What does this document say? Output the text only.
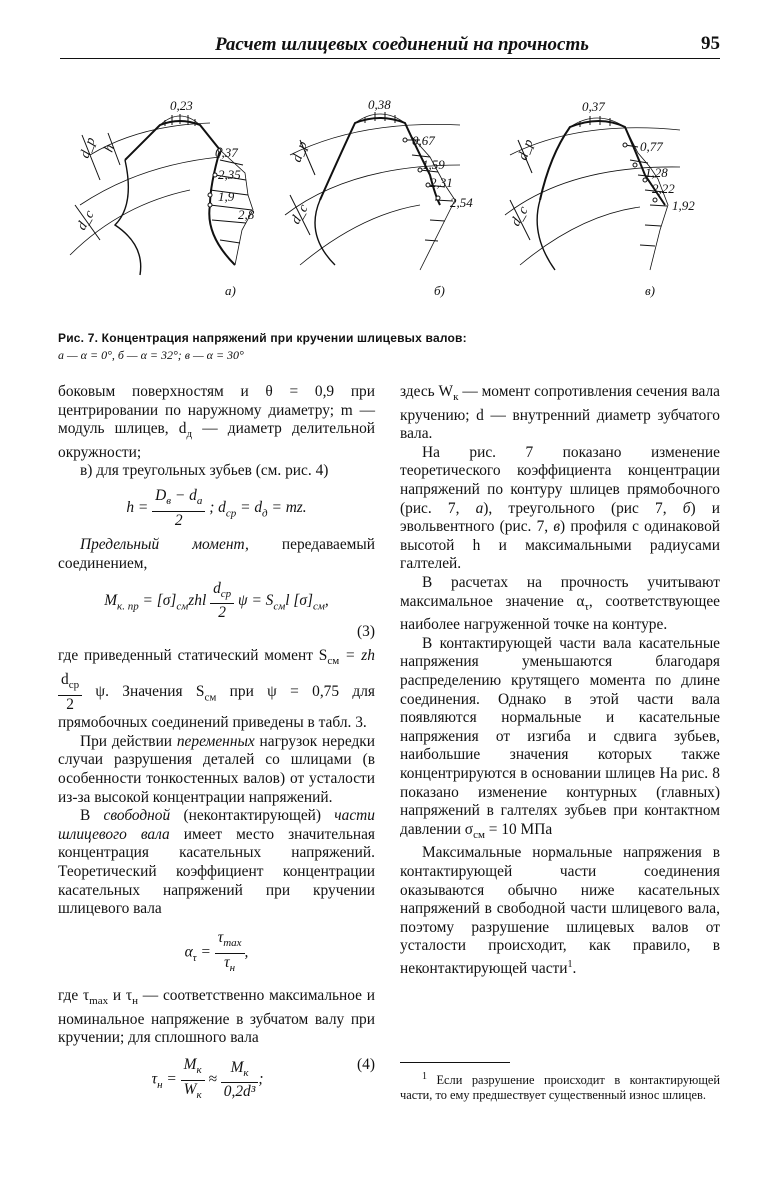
Расчет шлицевых соединений на прочность	95
0,23
0,37
2,35
1,9
2,8
d_p h
d_c
a)
0,38
0,67
1,59
2,31
2,54
d_p
d_c
б)
0,37
0,77
1,28
2,22
1,92
d_p
d_c
в)
Рис. 7. Концентрация напряжений при кручении шлицевых валов:
a — α = 0°, б — α = 32°; в — α = 30°

боковым поверхностям и θ = 0,9 при центрировании по наружному диаметру; m — модуль шлицев, $d_д$ — диаметр делительной окружности;

в) для треугольных зубьев (см. рис. 4)

$h = \frac{D_в - d_a}{2}$ ; $d_{ср} = d_д$ = mz.

Предельный момент, передаваемый соединением,

$M_{к. пр} = [\sigma]_{см}zhl \frac{d_{ср}}{2}$ $\psi = S_{см}l$ $[\sigma]_{см}$,
(3)

где приведенный статический момент $S_{см}$ = zh
$\frac{d_{ср}}{2} \psi$. Значения $S_{см}$ при ψ = 0,75 для прямобочных соединений приведены в табл. 3.

При действии переменных нагрузок нередки случаи разрушения деталей со шлицами (в особенности тонкостенных валов) от усталости из-за высокой концентрации напряжений.

В свободной (неконтактирующей) части шлицевого вала имеет место значительная концентрация касательных напряжений. Теоретический коэффициент концентрации касательных напряжений при кручении шлицевого вала

$\alpha_\tau = \frac{\tau_{max}}{\tau_н}$ ,

где $\tau_{max}$ и $\tau_н$ — соответственно максимальное и номинальное напряжение в зубчатом валу при кручении; для сплошного вала

(4)
$\tau_н = \frac{M_к}{W_к} \approx \frac{M_к}{\text{0,2d³}}$ ;

здесь $W_к$ — момент сопротивления сечения вала кручению; d — внутренний диаметр зубчатого вала.

На рис. 7 показано изменение теоретического коэффициента концентрации напряжений по контуру шлицев прямобочного (рис. 7, a), треугольного (рис 7, б) и эвольвентного (рис. 7, в) профиля с одинаковой высотой h и максимальными радиусами галтелей.

В расчетах на прочность учитывают максимальное значение $\alpha_\tau$, соответствующее наиболее нагруженной точке на контуре.

В контактирующей части вала касательные напряжения уменьшаются благодаря распределению крутящего момента по длине соединения. Однако в этой части вала появляются нормальные и касательные напряжения от изгиба и сдвига зубьев, наибольшие значения которых также концентрируются в основании шлицев На рис. 8 показано изменение контурных (главных) напряжений в галтелях зубьев при контактном давлении $\sigma_{см} = 10$ МПа

Максимальные нормальные напряжения в контактирующей части соединения оказываются обычно ниже касательных напряжений в свободной части шлицевого вала, поэтому разрушение шлицевых валов от усталости происходит, как правило, в неконтактирующей части$^1$.

$^1$ Если разрушение происходит в контактирующей части, то ему предшествует существенный износ шлицев.
